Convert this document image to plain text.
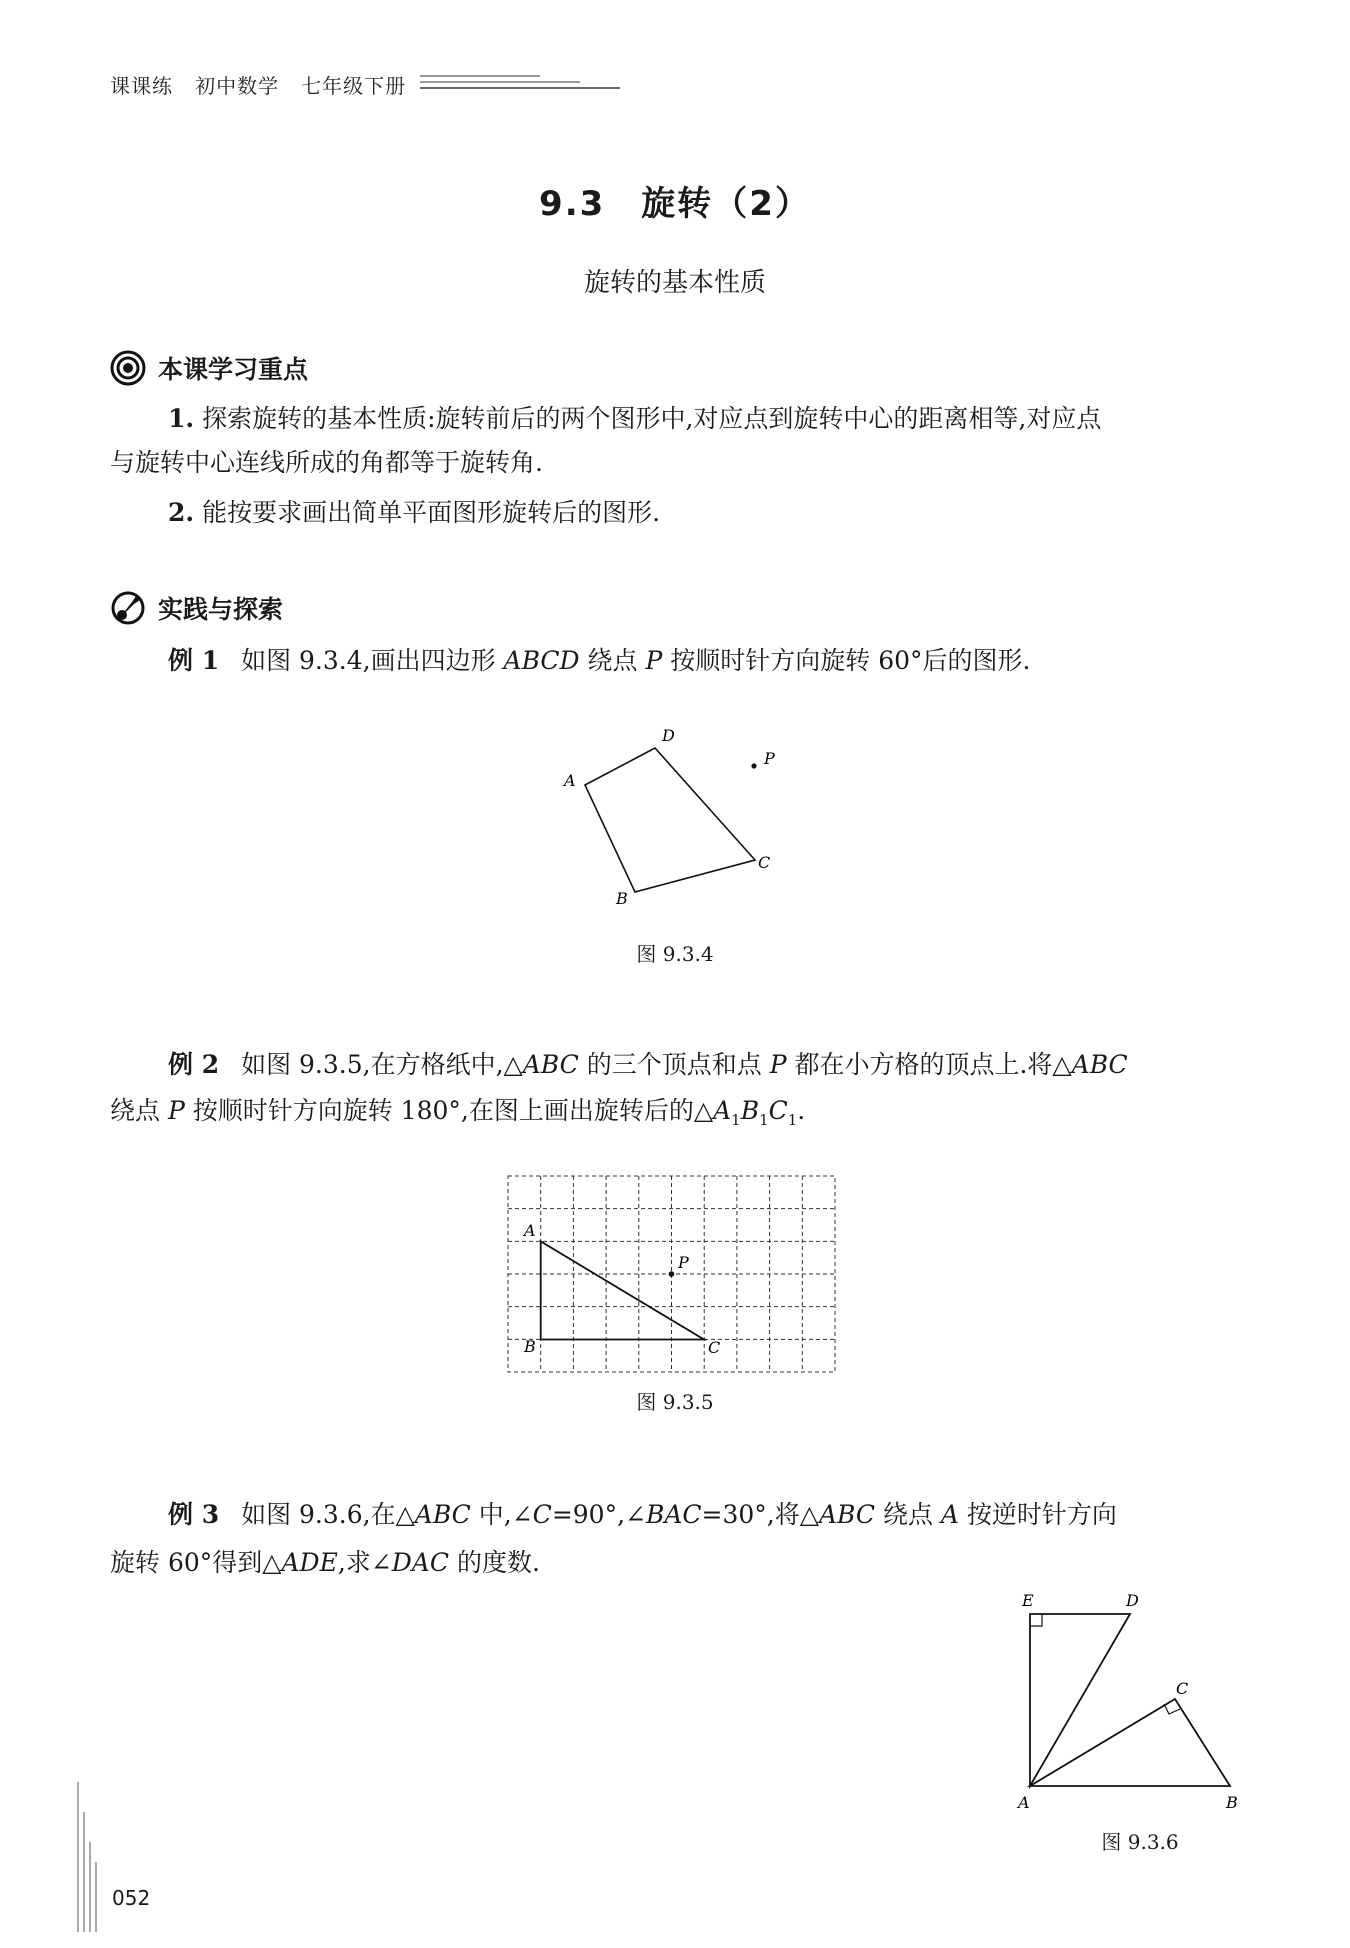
课课练 初中数学 七年级下册
9.3　旋转（2）
旋转的基本性质
本课学习重点
1. 探索旋转的基本性质:旋转前后的两个图形中,对应点到旋转中心的距离相等,对应点
与旋转中心连线所成的角都等于旋转角.
2. 能按要求画出简单平面图形旋转后的图形.
实践与探索
例 1 如图 9.3.4,画出四边形 ABCD 绕点 P 按顺时针方向旋转 60°后的图形.
A
B
C
D
P
图 9.3.4
例 2 如图 9.3.5,在方格纸中,△ABC 的三个顶点和点 P 都在小方格的顶点上.将△ABC
绕点 P 按顺时针方向旋转 180°,在图上画出旋转后的$\triangle A_1B_1C_1$.
A
B	C
P
图 9.3.5
例 3 如图 9.3.6,在△ABC 中,∠C=90°,∠BAC=30°,将△ABC 绕点 A 按逆时针方向
旋转 60°得到△ADE,求∠DAC 的度数.
A	B
C
D
E
图 9.3.6
052
